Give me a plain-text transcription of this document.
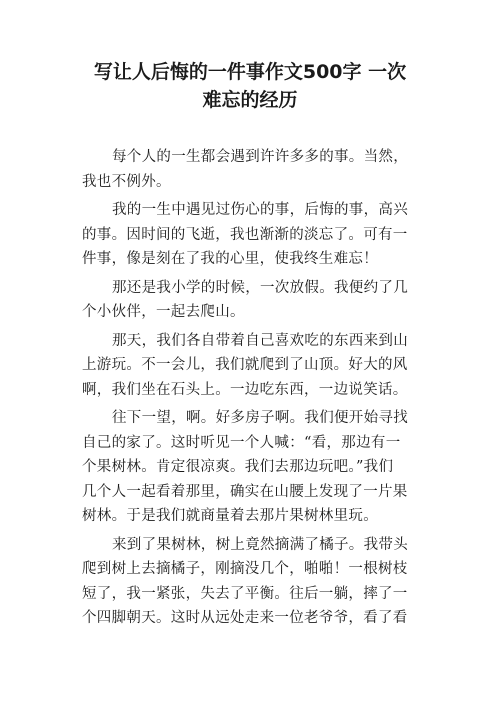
写让人后悔的一件事作文500字 一次
难忘的经历
每个人的一生都会遇到许许多多的事。当然，
我也不例外。
我的一生中遇见过伤心的事，后悔的事，高兴
的事。因时间的飞逝，我也渐渐的淡忘了。可有一
件事，像是刻在了我的心里，使我终生难忘！
那还是我小学的时候，一次放假。我便约了几
个小伙伴，一起去爬山。
那天，我们各自带着自己喜欢吃的东西来到山
上游玩。不一会儿，我们就爬到了山顶。好大的风
啊，我们坐在石头上。一边吃东西，一边说笑话。
往下一望，啊。好多房子啊。我们便开始寻找
自己的家了。这时听见一个人喊：“看，那边有一
个果树林。肯定很凉爽。我们去那边玩吧。”我们
几个人一起看着那里，确实在山腰上发现了一片果
树林。于是我们就商量着去那片果树林里玩。
来到了果树林，树上竟然摘满了橘子。我带头
爬到树上去摘橘子，刚摘没几个，啪啪！一根树枝
短了，我一紧张，失去了平衡。往后一躺，摔了一
个四脚朝天。这时从远处走来一位老爷爷，看了看
